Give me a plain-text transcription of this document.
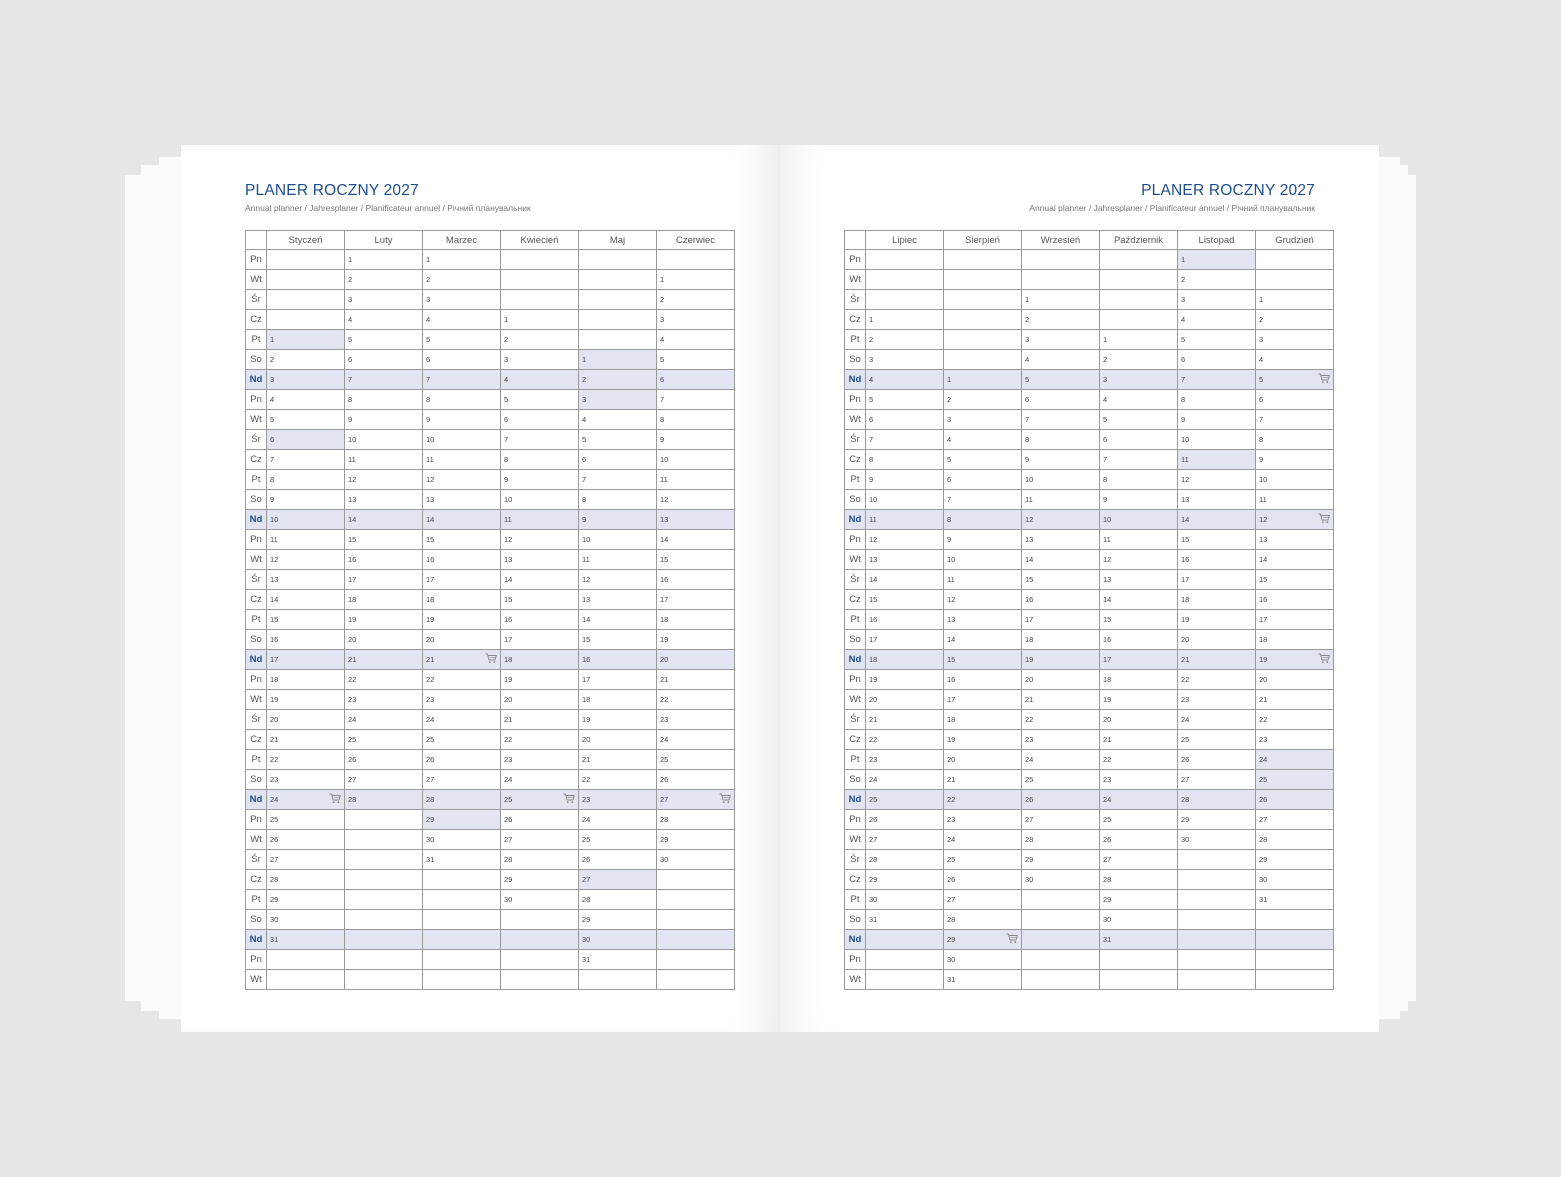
PLANER ROCZNY 2027
Annual planner / Jahresplaner / Planificateur annuel / Річний планувальник
	Styczeń	Luty	Marzec	Kwiecień	Maj	Czerwiec
Pn		1	1			
Wt		2	2			1
Śr		3	3			2
Cz		4	4	1		3
Pt	1	5	5	2		4
So	2	6	6	3	1	5
Nd	3	7	7	4	2	6
Pn	4	8	8	5	3	7
Wt	5	9	9	6	4	8
Śr	6	10	10	7	5	9
Cz	7	11	11	8	6	10
Pt	8	12	12	9	7	11
So	9	13	13	10	8	12
Nd	10	14	14	11	9	13
Pn	11	15	15	12	10	14
Wt	12	16	16	13	11	15
Śr	13	17	17	14	12	16
Cz	14	18	18	15	13	17
Pt	15	19	19	16	14	18
So	16	20	20	17	15	19
Nd	17	21	21	18	16	20
Pn	18	22	22	19	17	21
Wt	19	23	23	20	18	22
Śr	20	24	24	21	19	23
Cz	21	25	25	22	20	24
Pt	22	26	26	23	21	25
So	23	27	27	24	22	26
Nd	24	28	28	25	23	27

Pn	25		29	26	24	28
Wt	26		30	27	25	29
Śr	27		31	28	26	30
Cz	28			29	27	
Pt	29			30	28	
So	30				29	
Nd	31				30	
Pn					31	
Wt						
PLANER ROCZNY 2027
Annual planner / Jahresplaner / Planificateur annuel / Річний планувальник
	Lipiec	Sierpień	Wrzesień	Październik	Listopad	Grudzień
Pn					1	
Wt					2	
Śr			1		3	1
Cz	1		2		4	2
Pt	2		3	1	5	3
So	3		4	2	6	4
Nd	4	1	5	3	7	5

Pn	5	2	6	4	8	6
Wt	6	3	7	5	9	7
Śr	7	4	8	6	10	8
Cz	8	5	9	7	11	9
Pt	9	6	10	8	12	10
So	10	7	11	9	13	11
Nd	11	8	12	10	14	12

Pn	12	9	13	11	15	13
Wt	13	10	14	12	16	14
Śr	14	11	15	13	17	15
Cz	15	12	16	14	18	16
Pt	16	13	17	15	19	17
So	17	14	18	16	20	18
Nd	18	15	19	17	21	19

Pn	19	16	20	18	22	20
Wt	20	17	21	19	23	21
Śr	21	18	22	20	24	22
Cz	22	19	23	21	25	23
Pt	23	20	24	22	26	24
So	24	21	25	23	27	25
Nd	25	22	26	24	28	26
Pn	26	23	27	25	29	27
Wt	27	24	28	26	30	28
Śr	28	25	29	27		29
Cz	29	26	30	28		30
Pt	30	27		29		31
So	31	28		30		
Nd		29		31		
Pn		30				
Wt		31				
